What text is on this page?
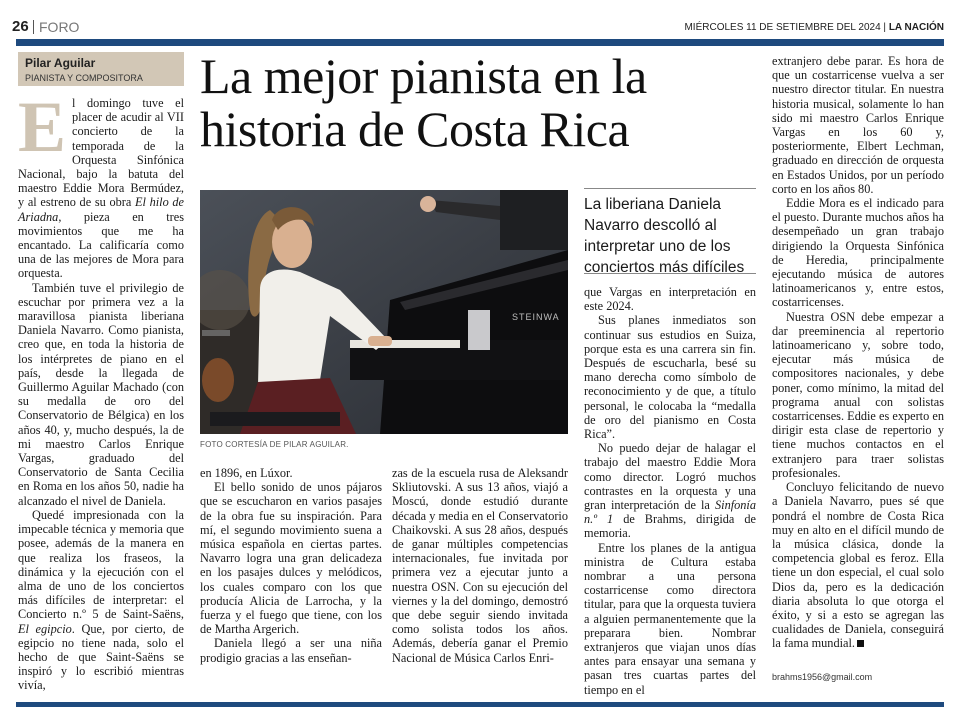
26 FORO	MIÉRCOLES 11 DE SETIEMBRE DEL 2024 | LA NACIÓN
Pilar Aguilar
PIANISTA Y COMPOSITORA	La mejor pianista en la historia de Costa Rica

El domingo tuve el placer de acudir al VII concierto de la temporada de la Orquesta Sinfónica Nacional, bajo la batuta del maestro Eddie Mora Bermúdez, y al estreno de su obra El hilo de Ariadna, pieza en tres movimientos que me ha encantado. La calificaría como una de las mejores de Mora para orquesta.

También tuve el privilegio de escuchar por primera vez a la maravillosa pianista liberiana Daniela Navarro. Como pianista, creo que, en toda la historia de los intérpretes de piano en el país, desde la llegada de Guillermo Aguilar Machado (con su medalla de oro del Conservatorio de Bélgica) en los años 40, y, mucho después, la de mi maestro Carlos Enrique Vargas, graduado del Conservatorio de Santa Cecilia en Roma en los años 50, nadie ha alcanzado el nivel de Daniela.

Quedé impresionada con la impecable técnica y memoria que posee, además de la manera en que realiza los fraseos, la dinámica y la ejecución con el alma de uno de los conciertos más difíciles de interpretar: el Concierto n.º 5 de Saint-Saëns, El egipcio. Que, por cierto, de egipcio no tiene nada, solo el hecho de que Saint-Saëns se inspiró y lo escribió mientras vivía,

STEINWA
FOTO CORTESÍA DE PILAR AGUILAR.
La liberiana Daniela Navarro descolló al interpretar uno de los conciertos más difíciles

en 1896, en Lúxor.

El bello sonido de unos pájaros que se escucharon en varios pasajes de la obra fue su inspiración. Para mí, el segundo movimiento suena a música española en ciertas partes. Navarro logra una gran delicadeza en los pasajes dulces y melódicos, los cuales comparo con los que producía Alicia de Larrocha, y la fuerza y el fuego que tiene, con los de Martha Argerich.

Daniela llegó a ser una niña prodigio gracias a las enseñan-

zas de la escuela rusa de Aleksandr Skliutovski. A sus 13 años, viajó a Moscú, donde estudió durante década y media en el Conservatorio Chaikovski. A sus 28 años, después de ganar múltiples competencias internacionales, fue invitada por primera vez a ejecutar junto a nuestra OSN. Con su ejecución del viernes y la del domingo, demostró que debe seguir siendo invitada como solista todos los años. Además, debería ganar el Premio Nacional de Música Carlos Enri-

que Vargas en interpretación en este 2024.

Sus planes inmediatos son continuar sus estudios en Suiza, porque esta es una carrera sin fin. Después de escucharla, besé su mano derecha como símbolo de reconocimiento y de que, a título personal, le colocaba la “medalla de oro del pianismo en Costa Rica”.

No puedo dejar de halagar el trabajo del maestro Eddie Mora como director. Logró muchos contrastes en la orquesta y una gran interpretación de la Sinfonía n.º 1 de Brahms, dirigida de memoria.

Entre los planes de la antigua ministra de Cultura estaba nombrar a una persona costarricense como directora titular, para que la orquesta tuviera a alguien permanentemente que la preparara bien. Nombrar extranjeros que viajan unos días antes para ensayar una semana y pasan tres cuartas partes del tiempo en el

extranjero debe parar. Es hora de que un costarricense vuelva a ser nuestro director titular. En nuestra historia musical, solamente lo han sido mi maestro Carlos Enrique Vargas en los 60 y, posteriormente, Elbert Lechman, graduado en dirección de orquesta en Estados Unidos, por un período corto en los años 80.

Eddie Mora es el indicado para el puesto. Durante muchos años ha desempeñado un gran trabajo dirigiendo la Orquesta Sinfónica de Heredia, principalmente ejecutando música de autores latinoamericanos y, entre estos, costarricenses.

Nuestra OSN debe empezar a dar preeminencia al repertorio latinoamericano y, sobre todo, ejecutar más música de compositores nacionales, y debe poner, como mínimo, la mitad del programa anual con solistas costarricenses. Eddie es experto en dirigir esta clase de repertorio y tiene muchos contactos en el extranjero para traer solistas profesionales.

Concluyo felicitando de nuevo a Daniela Navarro, pues sé que pondrá el nombre de Costa Rica muy en alto en el difícil mundo de la música clásica, donde la competencia global es feroz. Ella tiene un don especial, el cual solo Dios da, pero es la dedicación diaria absoluta lo que otorga el éxito, y si a esto se agregan las cualidades de Daniela, conseguirá la fama mundial.

brahms1956@gmail.com
